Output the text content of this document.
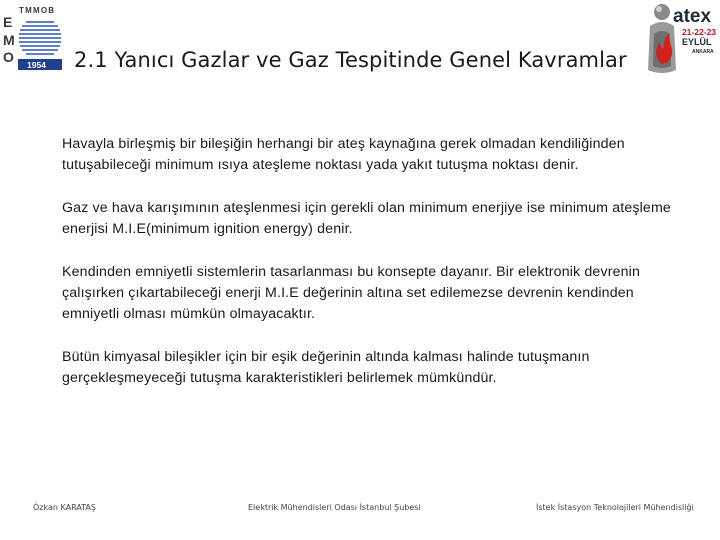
TMMOB
E
M
O 1954 2.1 Yanıcı Gazlar ve Gaz Tespitinde Genel Kavramlar
atex
21-22-23
EYLÜL
ANKARA

Havayla birleşmiş bir bileşiğin herhangi bir ateş kaynağına gerek olmadan kendiliğinden tutuşabileceği minimum ısıya ateşleme noktası yada yakıt tutuşma noktası denir.

Gaz ve hava karışımının ateşlenmesi için gerekli olan minimum enerjiye ise minimum ateşleme enerjisi M.I.E(minimum ignition energy) denir.

Kendinden emniyetli sistemlerin tasarlanması bu konsepte dayanır. Bir elektronik devrenin çalışırken çıkartabileceği enerji M.I.E değerinin altına set edilemezse devrenin kendinden emniyetli olması mümkün olmayacaktır.

Bütün kimyasal bileşikler için bir eşik değerinin altında kalması halinde tutuşmanın gerçekleşmeyeceği tutuşma karakteristikleri belirlemek mümkündür.

Özkan KARATAŞ	Elektrik Mühendisleri Odası İstanbul Şubesi	İstek İstasyon Teknolojileri Mühendisliği
